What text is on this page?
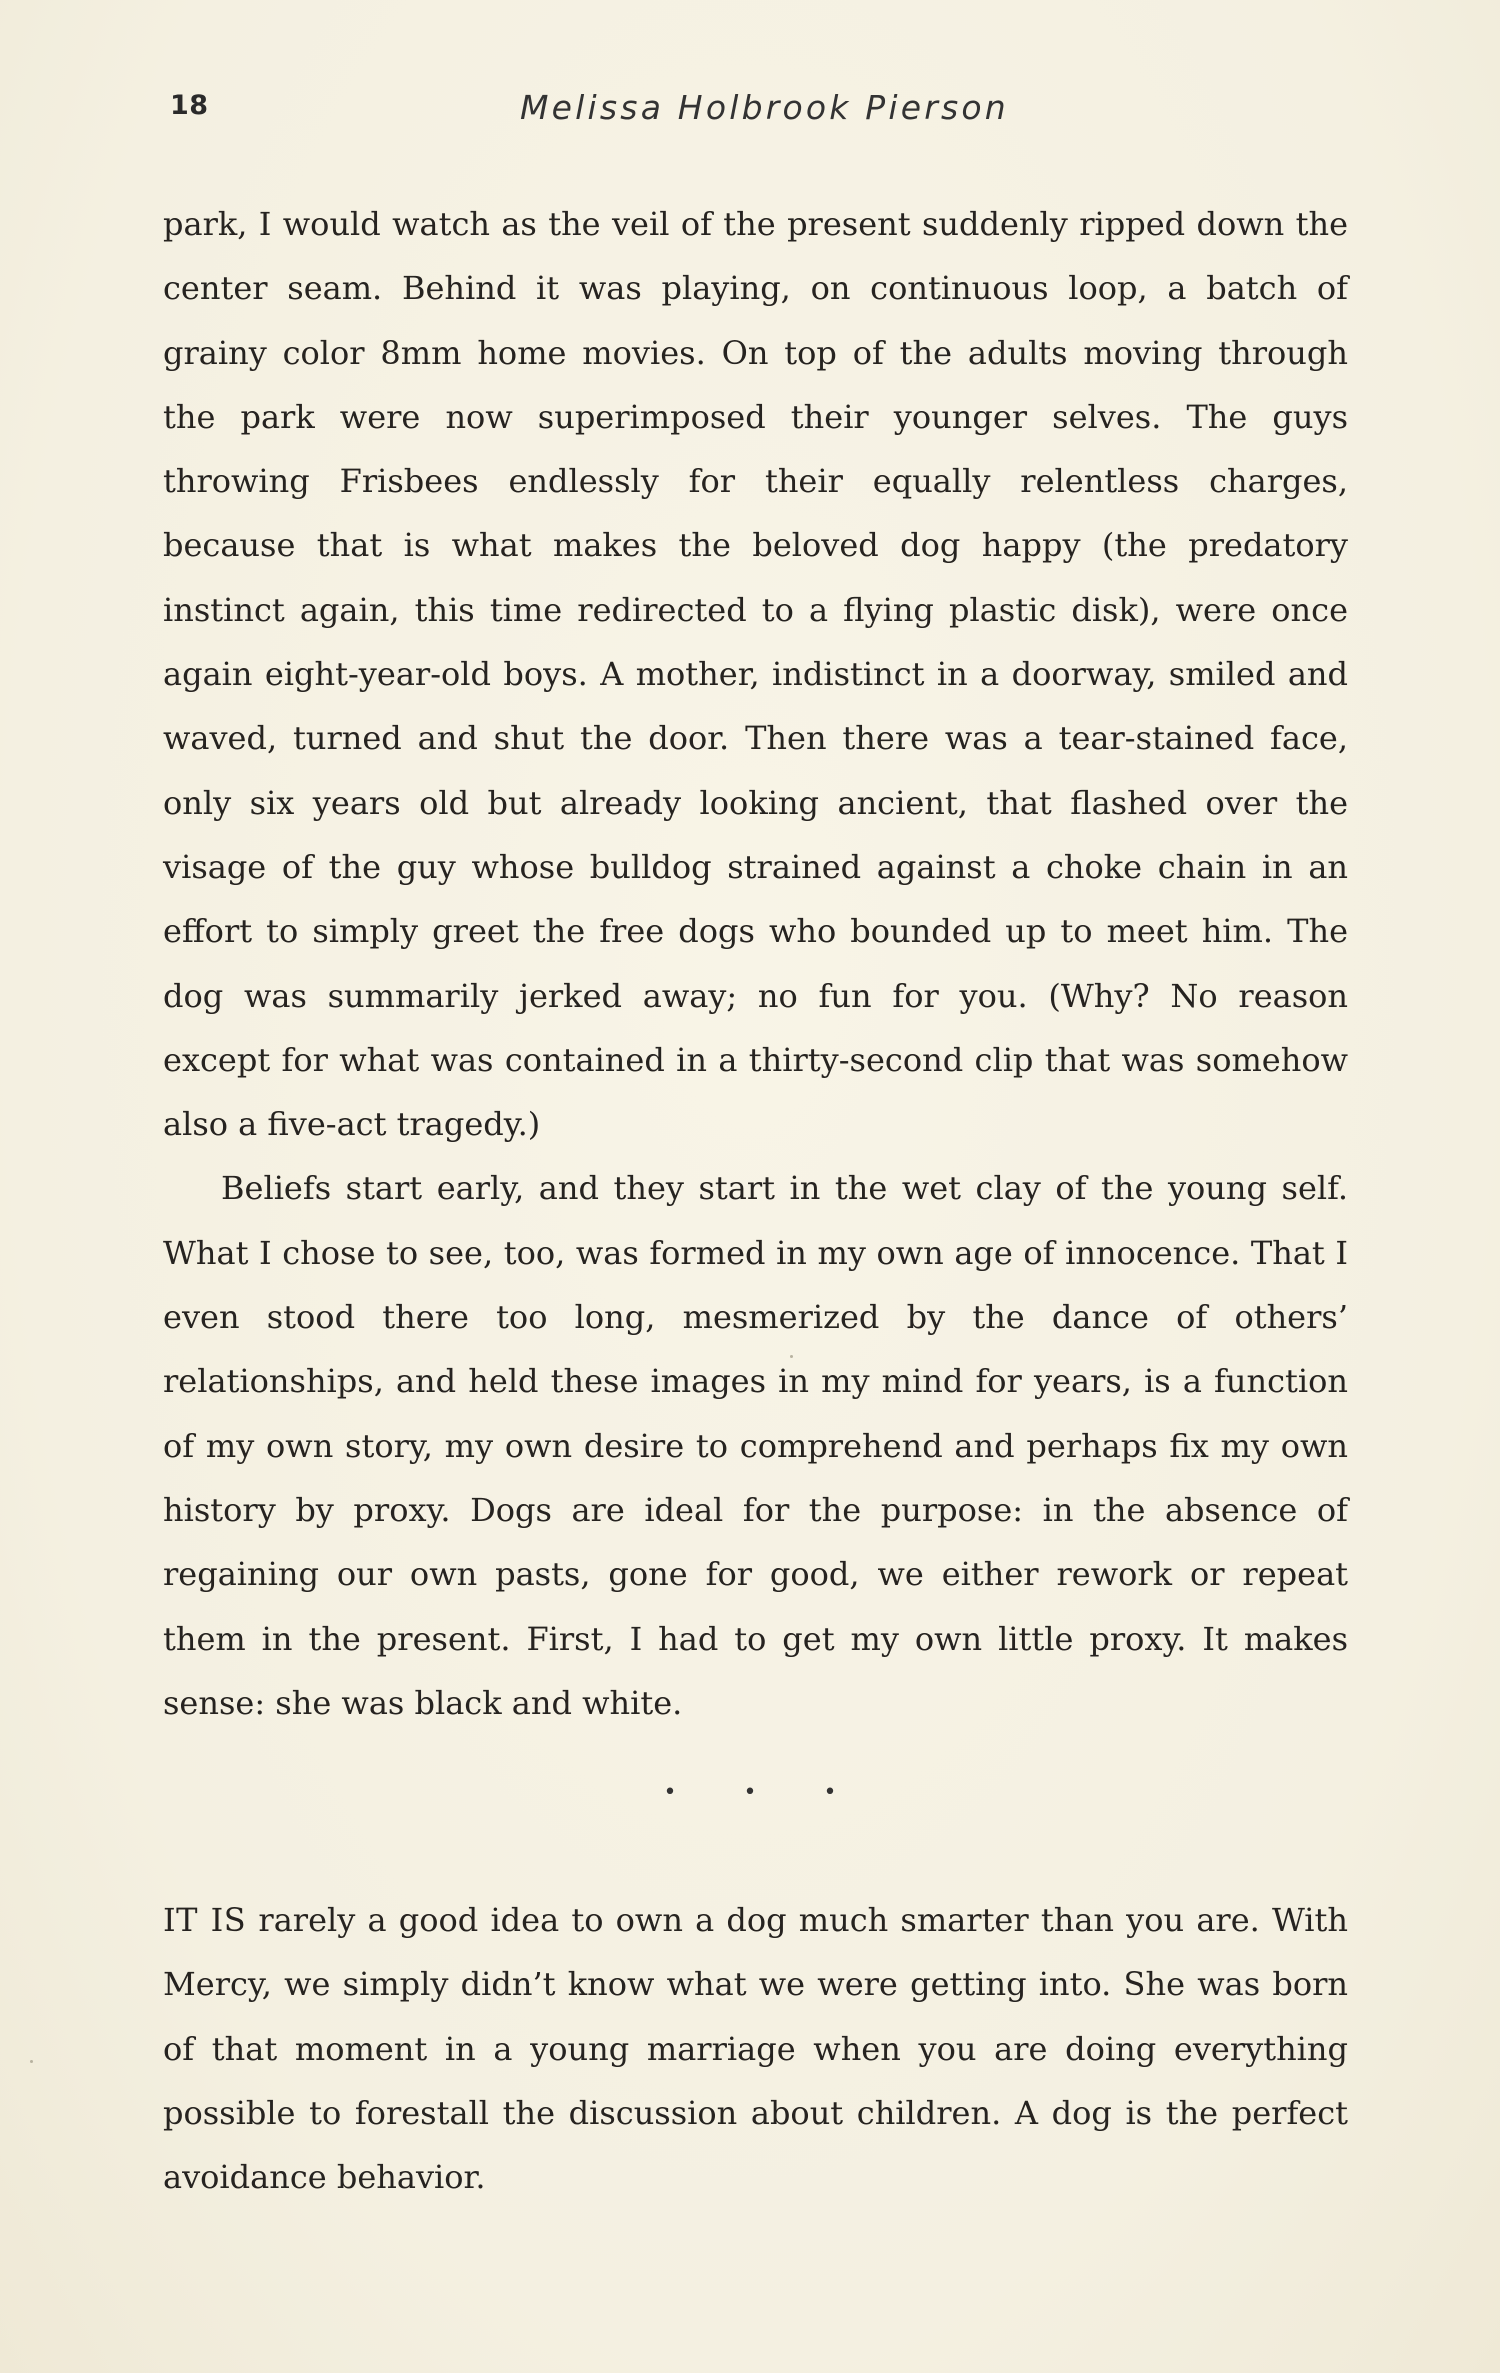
18	Melissa Holbrook Pierson

park, I would watch as the veil of the present suddenly ripped down the center seam. Behind it was playing, on continuous loop, a batch of grainy color 8mm home movies. On top of the adults moving through the park were now superimposed their younger selves. The guys throwing Frisbees endlessly for their equally relentless charges, because that is what makes the beloved dog happy (the predatory instinct again, this time redirected to a flying plastic disk), were once again eight-year-old boys. A mother, indistinct in a doorway, smiled and waved, turned and shut the door. Then there was a tear-stained face, only six years old but already looking ancient, that flashed over the visage of the guy whose bulldog strained against a choke chain in an effort to simply greet the free dogs who bounded up to meet him. The dog was summarily jerked away; no fun for you. (Why? No reason except for what was contained in a thirty-second clip that was somehow also a five-act tragedy.)

Beliefs start early, and they start in the wet clay of the young self. What I chose to see, too, was formed in my own age of innocence. That I even stood there too long, mesmerized by the dance of others’ relationships, and held these images in my mind for years, is a function of my own story, my own desire to comprehend and perhaps fix my own history by proxy. Dogs are ideal for the purpose: in the absence of regaining our own pasts, gone for good, we either rework or repeat them in the present. First, I had to get my own little proxy. It makes sense: she was black and white.

• • •

IT IS rarely a good idea to own a dog much smarter than you are. With Mercy, we simply didn’t know what we were getting into. She was born of that moment in a young marriage when you are doing everything possible to forestall the discussion about children. A dog is the perfect avoidance behavior.
